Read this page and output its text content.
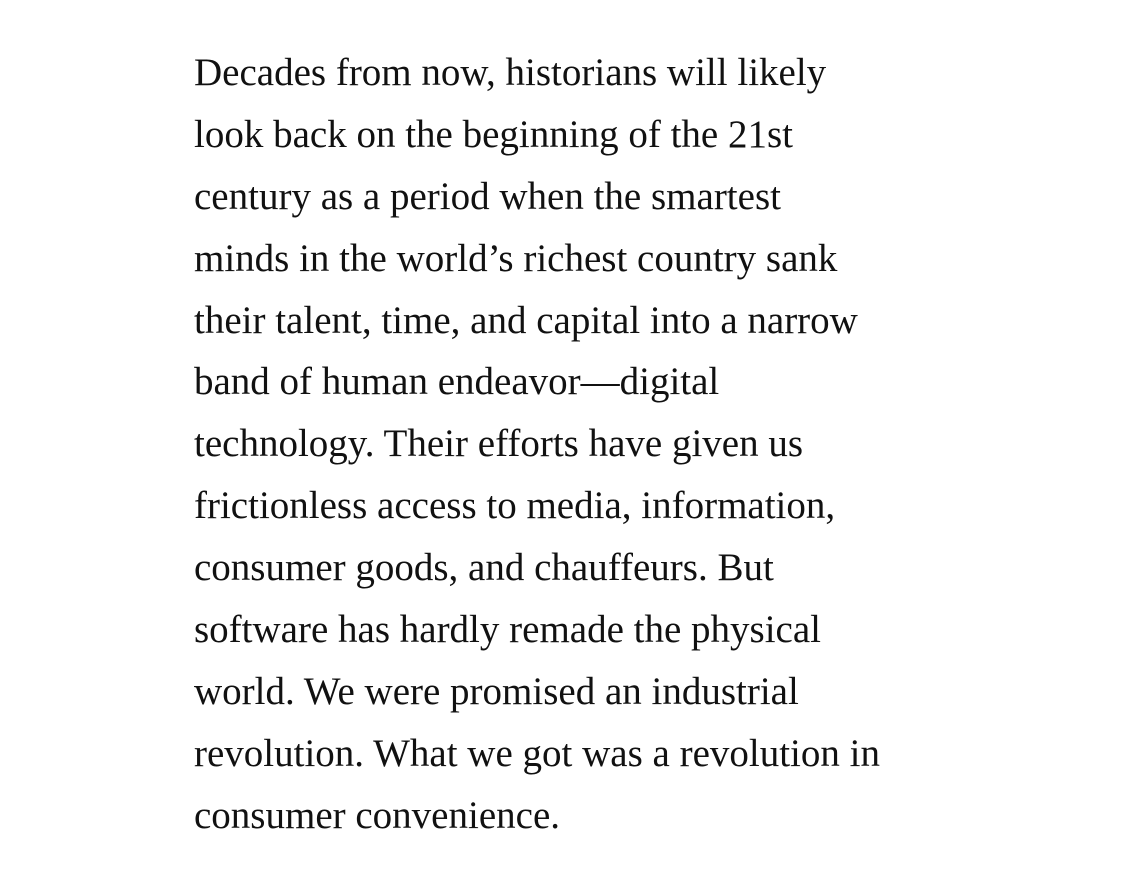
Decades from now, historians will likely
look back on the beginning of the 21st
century as a period when the smartest
minds in the world’s richest country sank
their talent, time, and capital into a narrow
band of human endeavor—digital
technology. Their efforts have given us
frictionless access to media, information,
consumer goods, and chauffeurs. But
software has hardly remade the physical
world. We were promised an industrial
revolution. What we got was a revolution in
consumer convenience.
